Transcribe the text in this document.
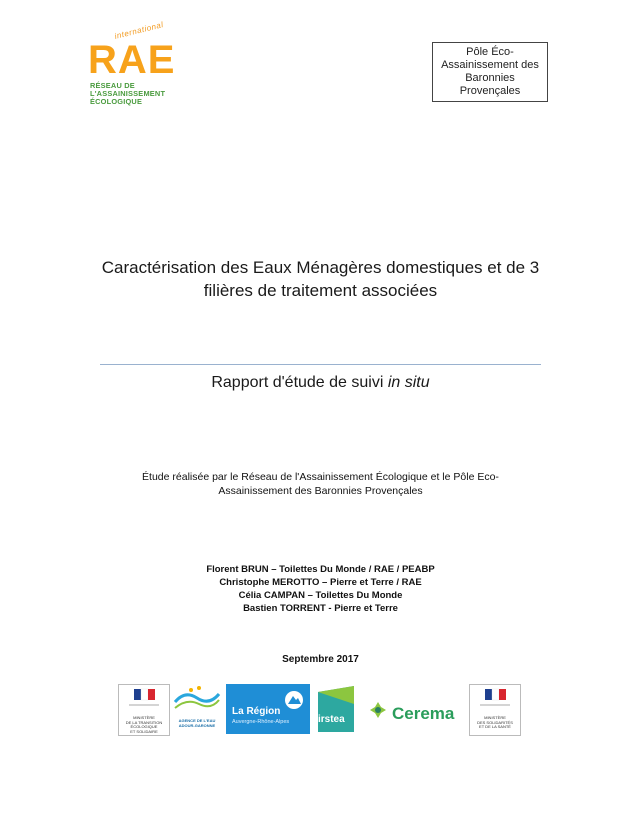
international
RAE
RÉSEAU DE
L'ASSAINISSEMENT
ÉCOLOGIQUE
Pôle Éco-
Assainissement des
Baronnies
Provençales
Caractérisation des Eaux Ménagères domestiques et de 3
filières de traitement associées
Rapport d'étude de suivi in situ
Étude réalisée par le Réseau de l'Assainissement Écologique et le Pôle Eco-
Assainissement des Baronnies Provençales
Florent BRUN – Toilettes Du Monde / RAE / PEABP
Christophe MEROTTO – Pierre et Terre / RAE
Célia CAMPAN – Toilettes Du Monde
Bastien TORRENT - Pierre et Terre
Septembre 2017
MINISTÈRE
DE LA TRANSITION
ÉCOLOGIQUE
ET SOLIDAIRE
AGENCE DE L'EAU
ADOUR-GARONNE
La Région
Auvergne-Rhône-Alpes	irstea	Cerema	MINISTÈRE
DES SOLIDARITÉS
ET DE LA SANTÉ
